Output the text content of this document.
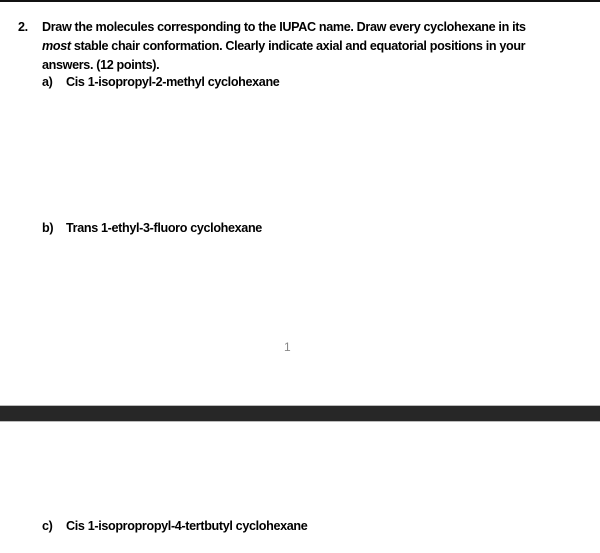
2. Draw the molecules corresponding to the IUPAC name. Draw every cyclohexane in its
most stable chair conformation. Clearly indicate axial and equatorial positions in your
answers. (12 points).
a) Cis 1-isopropyl-2-methyl cyclohexane
b) Trans 1-ethyl-3-fluoro cyclohexane
1
c) Cis 1-isopropropyl-4-tertbutyl cyclohexane
